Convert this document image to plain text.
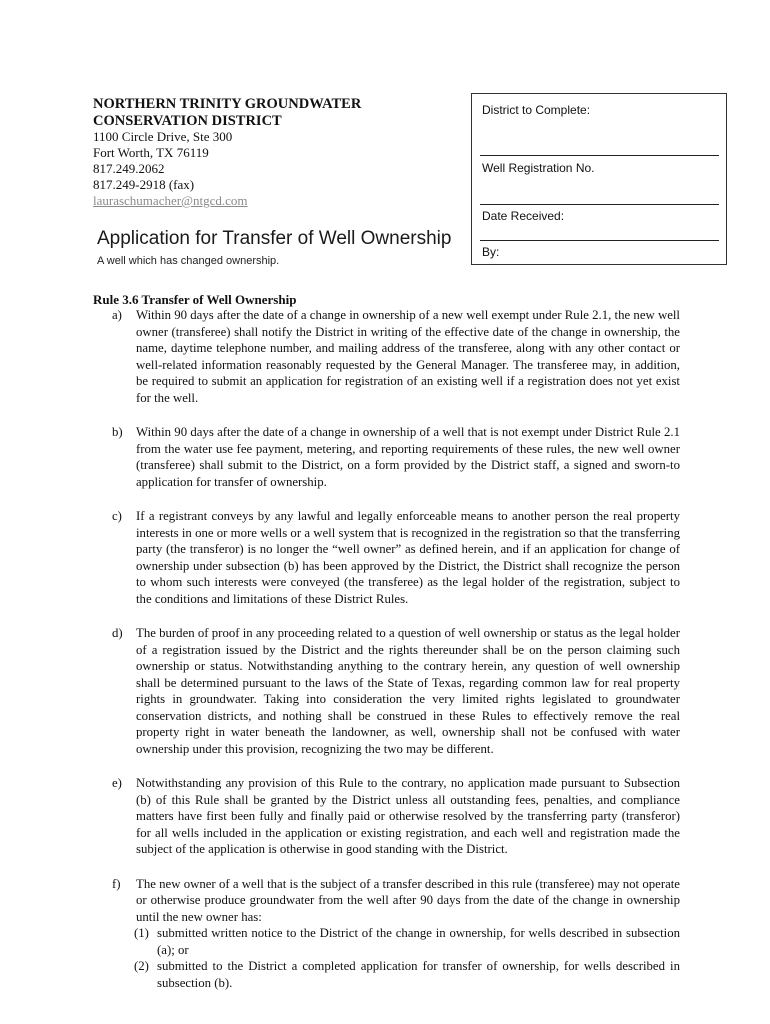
NORTHERN TRINITY GROUNDWATER CONSERVATION DISTRICT
1100 Circle Drive, Ste 300
Fort Worth, TX 76119
817.249.2062
817.249-2918 (fax)
lauraschumacher@ntgcd.com
Application for Transfer of Well Ownership
A well which has changed ownership.
District to Complete:
Well Registration No.
Date Received:
By:
Rule 3.6 Transfer of Well Ownership
a) Within 90 days after the date of a change in ownership of a new well exempt under Rule 2.1, the new well owner (transferee) shall notify the District in writing of the effective date of the change in ownership, the name, daytime telephone number, and mailing address of the transferee, along with any other contact or well-related information reasonably requested by the General Manager. The transferee may, in addition, be required to submit an application for registration of an existing well if a registration does not yet exist for the well.
b) Within 90 days after the date of a change in ownership of a well that is not exempt under District Rule 2.1 from the water use fee payment, metering, and reporting requirements of these rules, the new well owner (transferee) shall submit to the District, on a form provided by the District staff, a signed and sworn-to application for transfer of ownership.
c) If a registrant conveys by any lawful and legally enforceable means to another person the real property interests in one or more wells or a well system that is recognized in the registration so that the transferring party (the transferor) is no longer the “well owner” as defined herein, and if an application for change of ownership under subsection (b) has been approved by the District, the District shall recognize the person to whom such interests were conveyed (the transferee) as the legal holder of the registration, subject to the conditions and limitations of these District Rules.
d) The burden of proof in any proceeding related to a question of well ownership or status as the legal holder of a registration issued by the District and the rights thereunder shall be on the person claiming such ownership or status. Notwithstanding anything to the contrary herein, any question of well ownership shall be determined pursuant to the laws of the State of Texas, regarding common law for real property rights in groundwater. Taking into consideration the very limited rights legislated to groundwater conservation districts, and nothing shall be construed in these Rules to effectively remove the real property right in water beneath the landowner, as well, ownership shall not be confused with water ownership under this provision, recognizing the two may be different.
e) Notwithstanding any provision of this Rule to the contrary, no application made pursuant to Subsection (b) of this Rule shall be granted by the District unless all outstanding fees, penalties, and compliance matters have first been fully and finally paid or otherwise resolved by the transferring party (transferor) for all wells included in the application or existing registration, and each well and registration made the subject of the application is otherwise in good standing with the District.
f) The new owner of a well that is the subject of a transfer described in this rule (transferee) may not operate or otherwise produce groundwater from the well after 90 days from the date of the change in ownership until the new owner has:
(1) submitted written notice to the District of the change in ownership, for wells described in subsection (a); or
(2) submitted to the District a completed application for transfer of ownership, for wells described in subsection (b).
